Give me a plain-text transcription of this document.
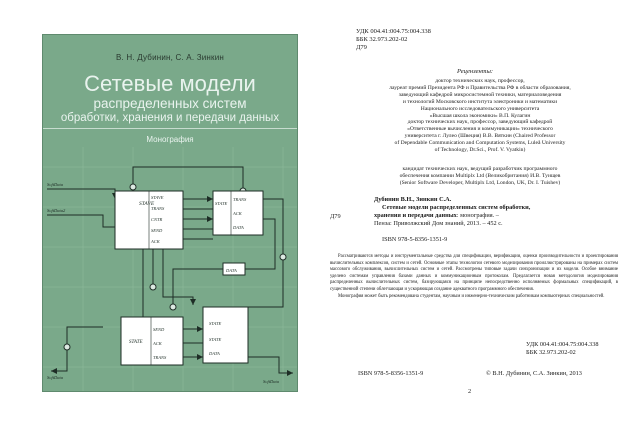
В. Н. Дубинин, С. А. Зинкин
Сетевые модели
распределенных систем
обработки, хранения и передачи данных
Монография
STAVE
STAVE
TRANS
CNTR
SEND
ACK
STATE
TRANS
ACK
DATA
STATE
SEND
ACK
TRANS
STATE
STATE
DATA
DATA
SoftData
SoftData2
SoftData
SoftData
УДК 004.41:004.75:004.338
ББК 32.973.202-02
Д79
Рецензенты:
доктор технических наук, профессор,
лауреат премий Президента РФ и Правительства РФ в области образования,
заведующий кафедрой микросистемной техники, материаловедения
и технологий Московского института электроники и математики
Национального исследовательского университета
«Высшая школа экономики» В.П. Кулагин
доктор технических наук, профессор, заведующий кафедрой
«Ответственные вычисления и коммуникации» технического
университета г. Лулео (Швеция) В.В. Вяткин (Chaired Professor
of Dependable Communication and Computation Systems, Luleå University
of Technology, Dr.Sci., Prof. V. Vyatkin)
кандидат технических наук, ведущий разработчик программного
обеспечения компании Multiplx Ltd (Великобритания) И.В. Туищев
(Senior Software Developer, Multiplx Ltd, London, UK, Dr. I. Tuishev)
Д79
Дубинин В.Н., Зинкин С.А.
Сетевые модели распределенных систем обработки,
хранения и передачи данных: монография. –
Пенза: Приволжский Дом знаний, 2013. – 452 с.
ISBN 978-5-8356-1351-9

Рассматриваются методы и инструментальные средства для спецификации, верификации, оценки производительности и проектирования вычислительных комплексов, систем и сетей. Основные этапы технологии сетевого моделирования проиллюстрированы на примерах систем массового обслуживания, вычислительных систем и сетей. Рассмотрены типовые задачи синхронизации и их модели. Особое внимание уделено системам управления базами данных и коммуникационным протоколам. Предлагается новая методология моделирования распределенных вычислительных систем, базирующаяся на принципе непосредственно исполняемых формальных спецификаций, в существенной степени облегчающая и ускоряющая создание адекватного программного обеспечения.

Монография может быть рекомендована студентам, научным и инженерно-техническим работникам компьютерных специальностей.

УДК 004.41:004.75:004.338
ББК 32.973.202-02
ISBN 978-5-8356-1351-9	© В.Н. Дубинин, С.А. Зинкин, 2013
2
